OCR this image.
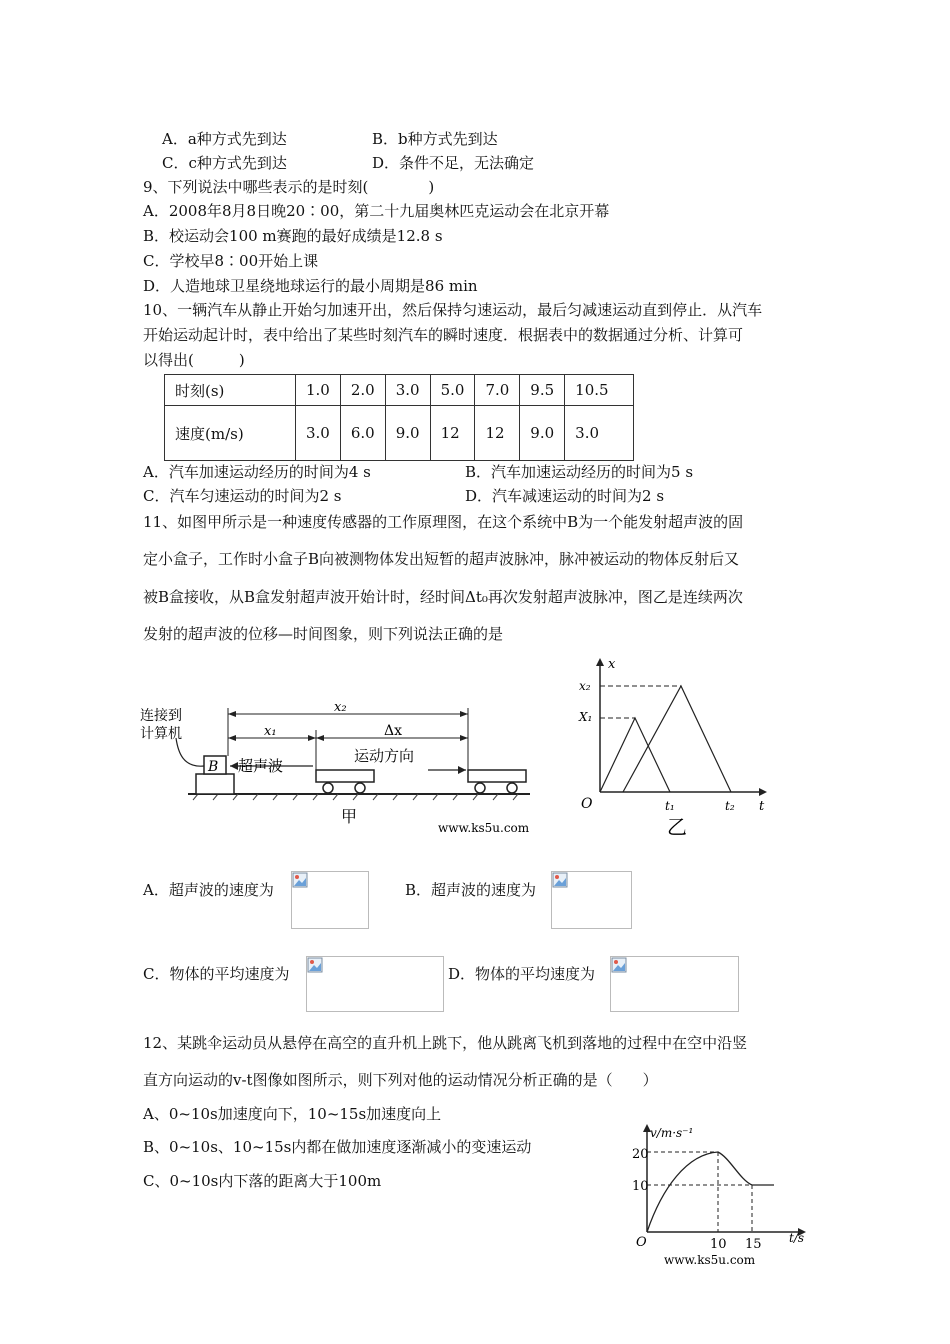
A．a种方式先到达	B．b种方式先到达
C．c种方式先到达	D．条件不足，无法确定
9、下列说法中哪些表示的是时刻(　　　　)
A．2008年8月8日晚20∶00，第二十九届奥林匹克运动会在北京开幕
B．校运动会100 m赛跑的最好成绩是12.8 s
C．学校早8∶00开始上课
D．人造地球卫星绕地球运行的最小周期是86 min
10、一辆汽车从静止开始匀加速开出，然后保持匀速运动，最后匀减速运动直到停止．从汽车
开始运动起计时，表中给出了某些时刻汽车的瞬时速度．根据表中的数据通过分析、计算可
以得出(　　　)
时刻(s)	1.0	2.0	3.0	5.0	7.0	9.5	10.5
速度(m/s)	3.0	6.0	9.0	12	12	9.0	3.0
A．汽车加速运动经历的时间为4 s	B．汽车加速运动经历的时间为5 s
C．汽车匀速运动的时间为2 s	D．汽车减速运动的时间为2 s
11、如图甲所示是一种速度传感器的工作原理图，在这个系统中B为一个能发射超声波的固
定小盒子，工作时小盒子B向被测物体发出短暂的超声波脉冲，脉冲被运动的物体反射后又
被B盒接收，从B盒发射超声波开始计时，经时间Δt₀再次发射超声波脉冲，图乙是连续两次
发射的超声波的位移—时间图象，则下列说法正确的是
B
连接到
计算机
超声波
x₂
x₁	Δx
运动方向
甲
www.ks5u.com
x
t
O
x₂
X₁
t₁	t₂
乙
A．超声波的速度为	B．超声波的速度为
C．物体的平均速度为	D．物体的平均速度为
12、某跳伞运动员从悬停在高空的直升机上跳下，他从跳离飞机到落地的过程中在空中沿竖
直方向运动的v-t图像如图所示，则下列对他的运动情况分析正确的是（　　）
A、0~10s加速度向下，10~15s加速度向上
B、0~10s、10~15s内都在做加速度逐渐减小的变速运动
C、0~10s内下落的距离大于100m
v/m·s⁻¹
t/s
20
10
O	10 15
www.ks5u.com
